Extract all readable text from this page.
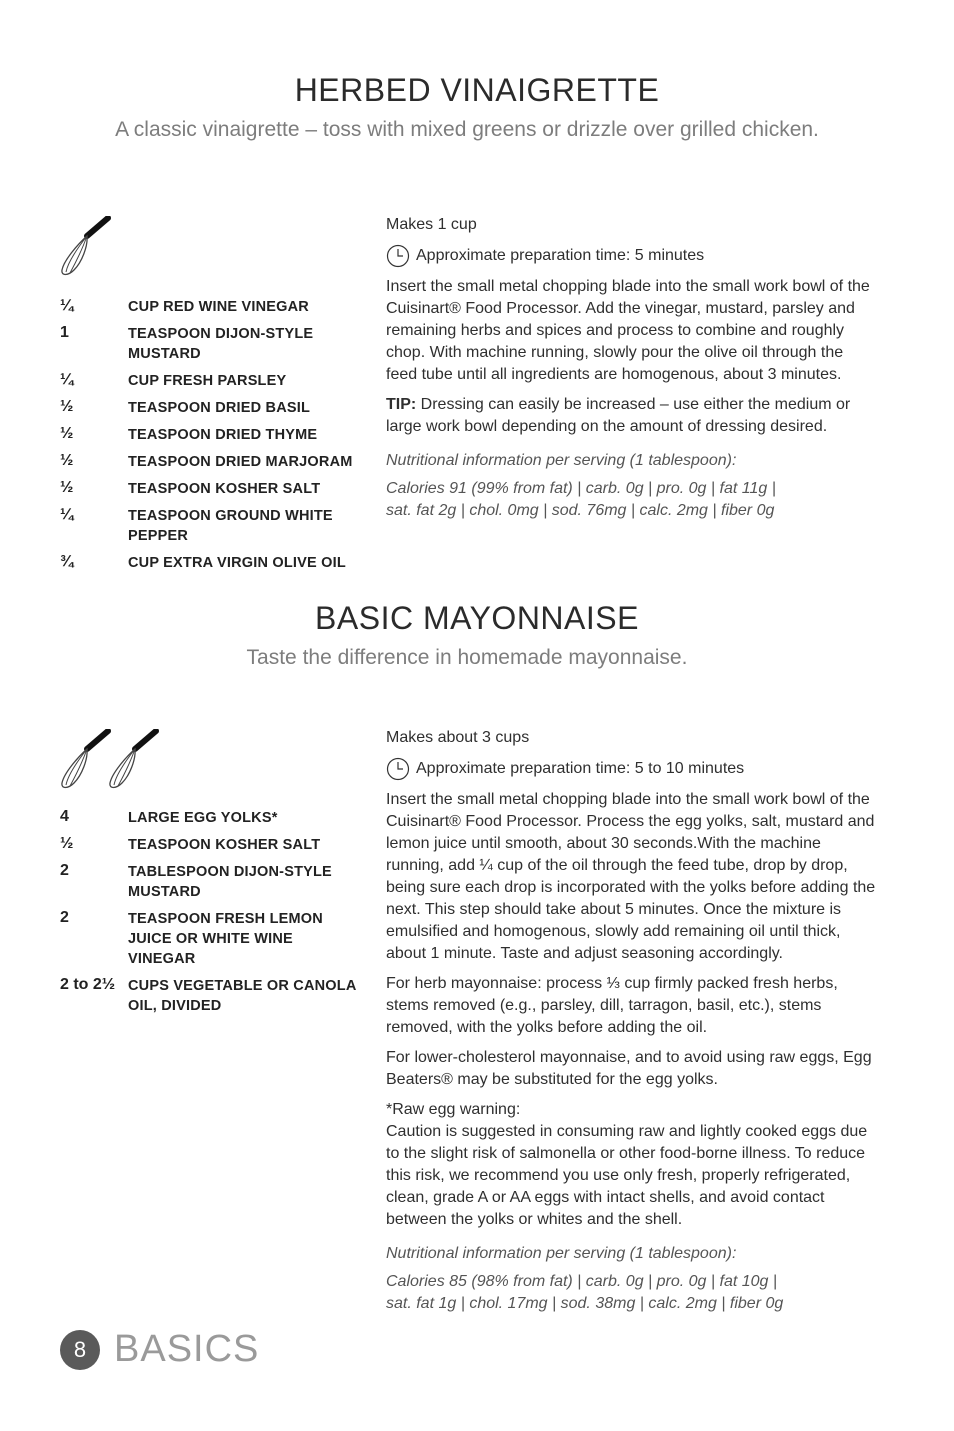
HERBED VINAIGRETTE
A classic vinaigrette – toss with mixed greens or drizzle over grilled chicken.
¼	CUP RED WINE VINEGAR
1	TEASPOON DIJON-STYLE MUSTARD
¼	CUP FRESH PARSLEY
½	TEASPOON DRIED BASIL
½	TEASPOON DRIED THYME
½	TEASPOON DRIED MARJORAM
½	TEASPOON KOSHER SALT
¼	TEASPOON GROUND WHITE PEPPER
¾	CUP EXTRA VIRGIN OLIVE OIL

Makes 1 cup

Approximate preparation time: 5 minutes

Insert the small metal chopping blade into the small work bowl of the Cuisinart® Food Processor. Add the vinegar, mustard, parsley and remaining herbs and spices and process to combine and roughly chop. With machine running, slowly pour the olive oil through the feed tube until all ingredients are homogenous, about 3 minutes.

TIP: Dressing can easily be increased – use either the medium or large work bowl depending on the amount of dressing desired.

Nutritional information per serving (1 tablespoon):
Calories 91 (99% from fat) | carb. 0g | pro. 0g | fat 11g |
sat. fat 2g | chol. 0mg | sod. 76mg | calc. 2mg | fiber 0g
BASIC MAYONNAISE
Taste the difference in homemade mayonnaise.
4	LARGE EGG YOLKS*
½	TEASPOON KOSHER SALT
2	TABLESPOON DIJON-STYLE MUSTARD
2	TEASPOON FRESH LEMON JUICE OR WHITE WINE VINEGAR
2 to 2½ CUPS VEGETABLE OR CANOLA OIL, DIVIDED

Makes about 3 cups

Approximate preparation time: 5 to 10 minutes

Insert the small metal chopping blade into the small work bowl of the Cuisinart® Food Processor. Process the egg yolks, salt, mustard and lemon juice until smooth, about 30 seconds.With the machine running, add ¼ cup of the oil through the feed tube, drop by drop, being sure each drop is incorporated with the yolks before adding the next. This step should take about 5 minutes. Once the mixture is emulsified and homogenous, slowly add remaining oil until thick, about 1 minute. Taste and adjust seasoning accordingly.

For herb mayonnaise: process ⅓ cup firmly packed fresh herbs, stems removed (e.g., parsley, dill, tarragon, basil, etc.), stems removed, with the yolks before adding the oil.

For lower-cholesterol mayonnaise, and to avoid using raw eggs, Egg Beaters® may be substituted for the egg yolks.

*Raw egg warning:

Caution is suggested in consuming raw and lightly cooked eggs due to the slight risk of salmonella or other food-borne illness. To reduce this risk, we recommend you use only fresh, properly refrigerated, clean, grade A or AA eggs with intact shells, and avoid contact between the yolks or whites and the shell.

Nutritional information per serving (1 tablespoon):
Calories 85 (98% from fat) | carb. 0g | pro. 0g | fat 10g |
sat. fat 1g | chol. 17mg | sod. 38mg | calc. 2mg | fiber 0g
8 BASICS
